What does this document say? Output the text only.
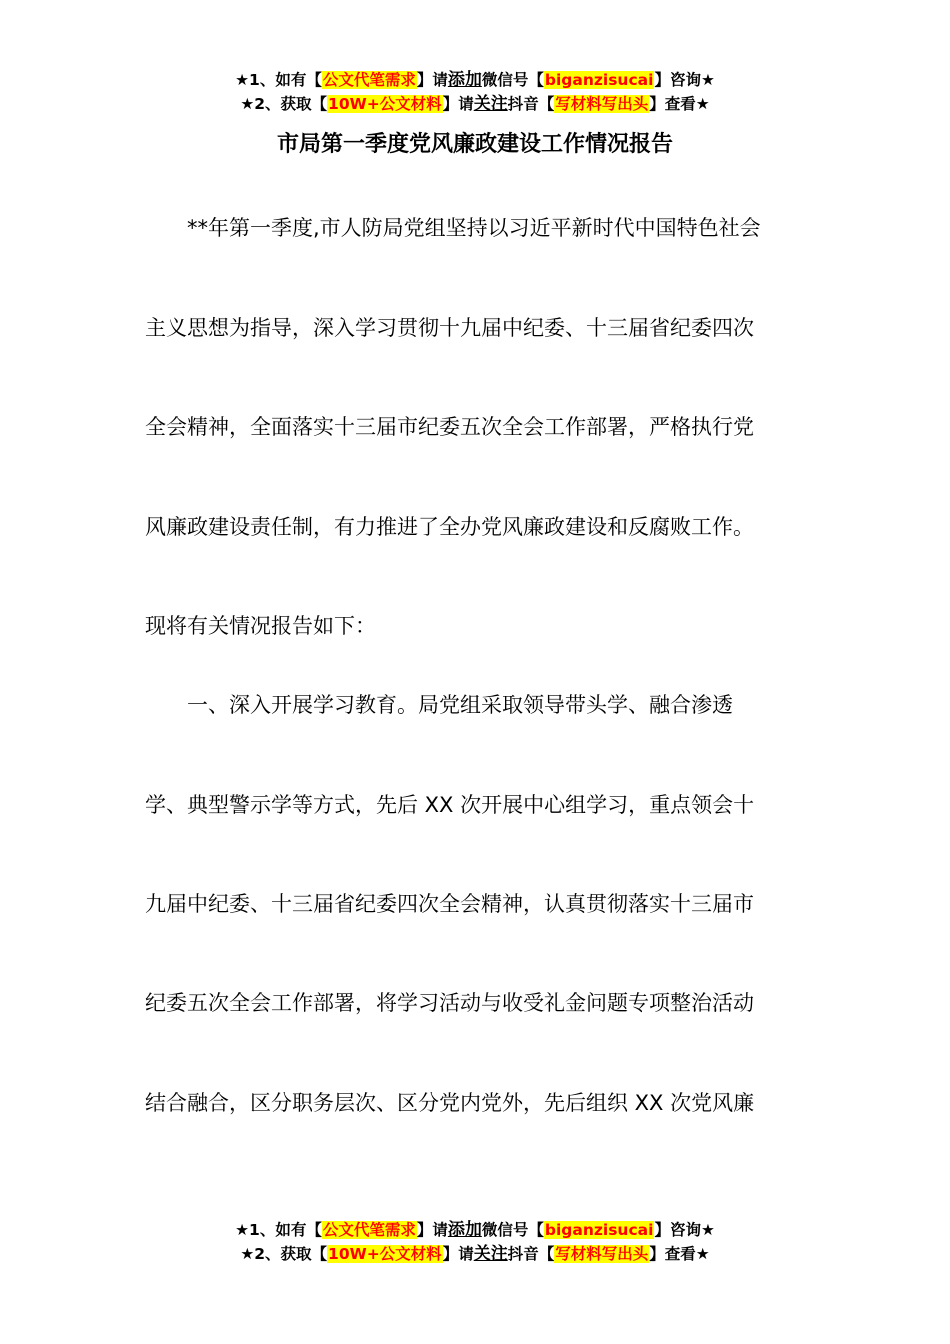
★1、如有【公文代笔需求】请添加微信号【biganzisucai】咨询★
★2、获取【10W+公文材料】请关注抖音【写材料写出头】查看★
市局第一季度党风廉政建设工作情况报告
　　**年第一季度,市人防局党组坚持以习近平新时代中国特色社会
主义思想为指导，深入学习贯彻十九届中纪委、十三届省纪委四次
全会精神，全面落实十三届市纪委五次全会工作部署，严格执行党
风廉政建设责任制，有力推进了全办党风廉政建设和反腐败工作。
现将有关情况报告如下：
　　一、深入开展学习教育。局党组采取领导带头学、融合渗透
学、典型警示学等方式，先后 XX 次开展中心组学习，重点领会十
九届中纪委、十三届省纪委四次全会精神，认真贯彻落实十三届市
纪委五次全会工作部署，将学习活动与收受礼金问题专项整治活动
结合融合，区分职务层次、区分党内党外，先后组织 XX 次党风廉
★1、如有【公文代笔需求】请添加微信号【biganzisucai】咨询★
★2、获取【10W+公文材料】请关注抖音【写材料写出头】查看★
